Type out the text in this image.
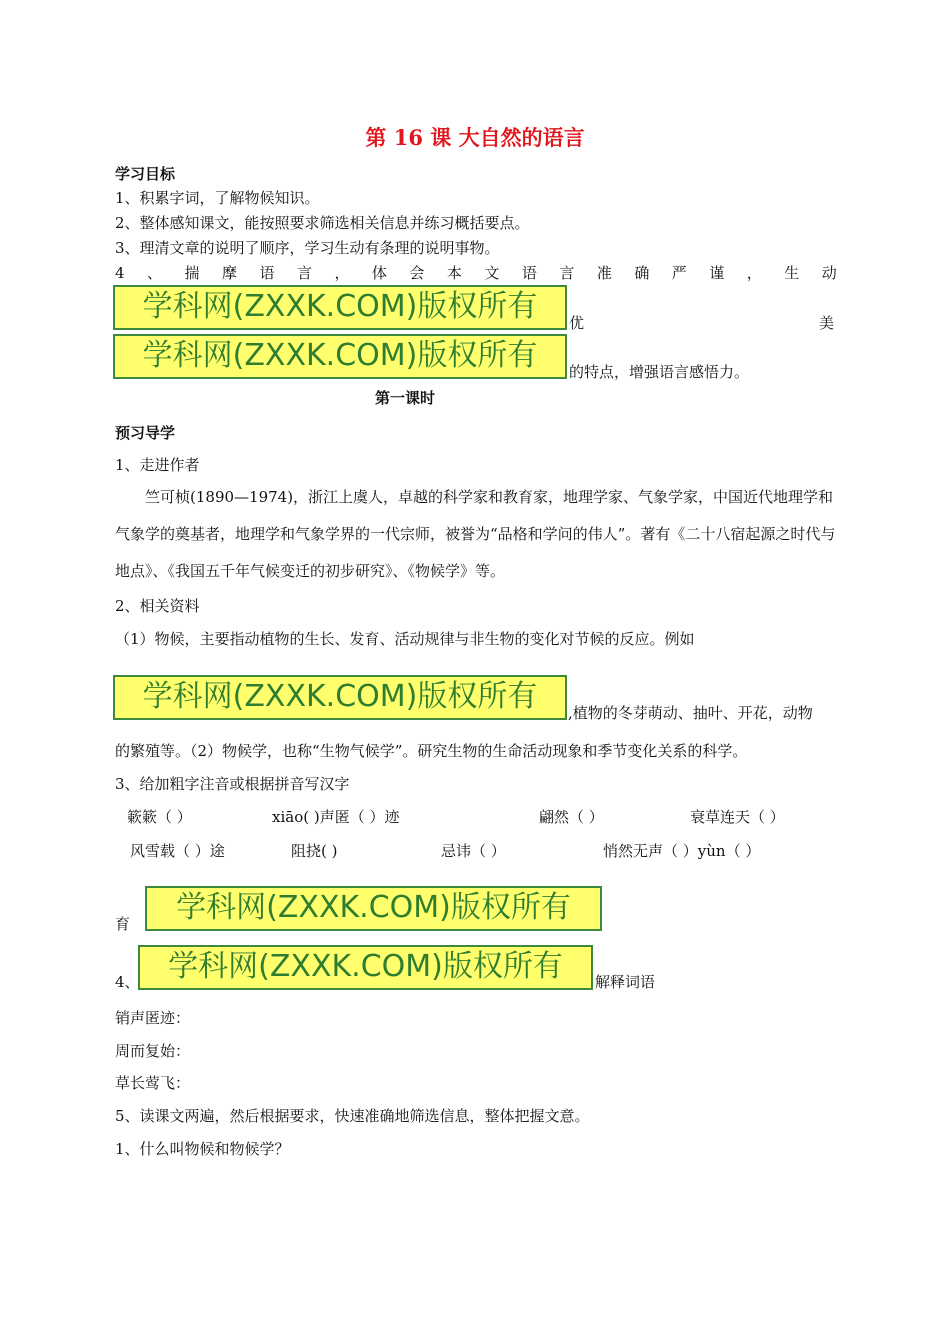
第 16 课 大自然的语言
学习目标
1、积累字词，了解物候知识。
2、整体感知课文，能按照要求筛选相关信息并练习概括要点。
3、理清文章的说明了顺序，学习生动有条理的说明事物。
4 、 揣 摩 语 言 ， 体 会 本 文 语 言 准 确 严 谨 ， 生 动
学科网(ZXXK.COM)版权所有	优	美
学科网(ZXXK.COM)版权所有	的特点，增强语言感悟力。
第一课时
预习导学
1、走进作者
竺可桢(1890—1974)，浙江上虞人，卓越的科学家和教育家，地理学家、气象学家，中国近代地理学和气象学的奠基者，地理学和气象学界的一代宗师，被誉为“品格和学问的伟人”。著有《二十八宿起源之时代与地点》、《我国五千年气候变迁的初步研究》、《物候学》等。
2、相关资料
（1）物候，主要指动植物的生长、发育、活动规律与非生物的变化对节候的反应。例如
学科网(ZXXK.COM)版权所有	,植物的冬芽萌动、抽叶、开花，动物
的繁殖等。（2）物候学，也称“生物气候学”。研究生物的生命活动现象和季节变化关系的科学。
3、给加粗字注音或根据拼音写汉字
簌簌（ ）	xiāo( )声匿（ ）迹	翩然（ ）	衰草连天（ ）
风雪载（ ）途	阻挠( )	忌讳（ ）	悄然无声（ ）yùn（ ）
学科网(ZXXK.COM)版权所有
育
学科网(ZXXK.COM)版权所有
4、	解释词语
销声匿迹：
周而复始：
草长莺飞：
5、读课文两遍，然后根据要求，快速准确地筛选信息，整体把握文意。
1、什么叫物候和物候学？
